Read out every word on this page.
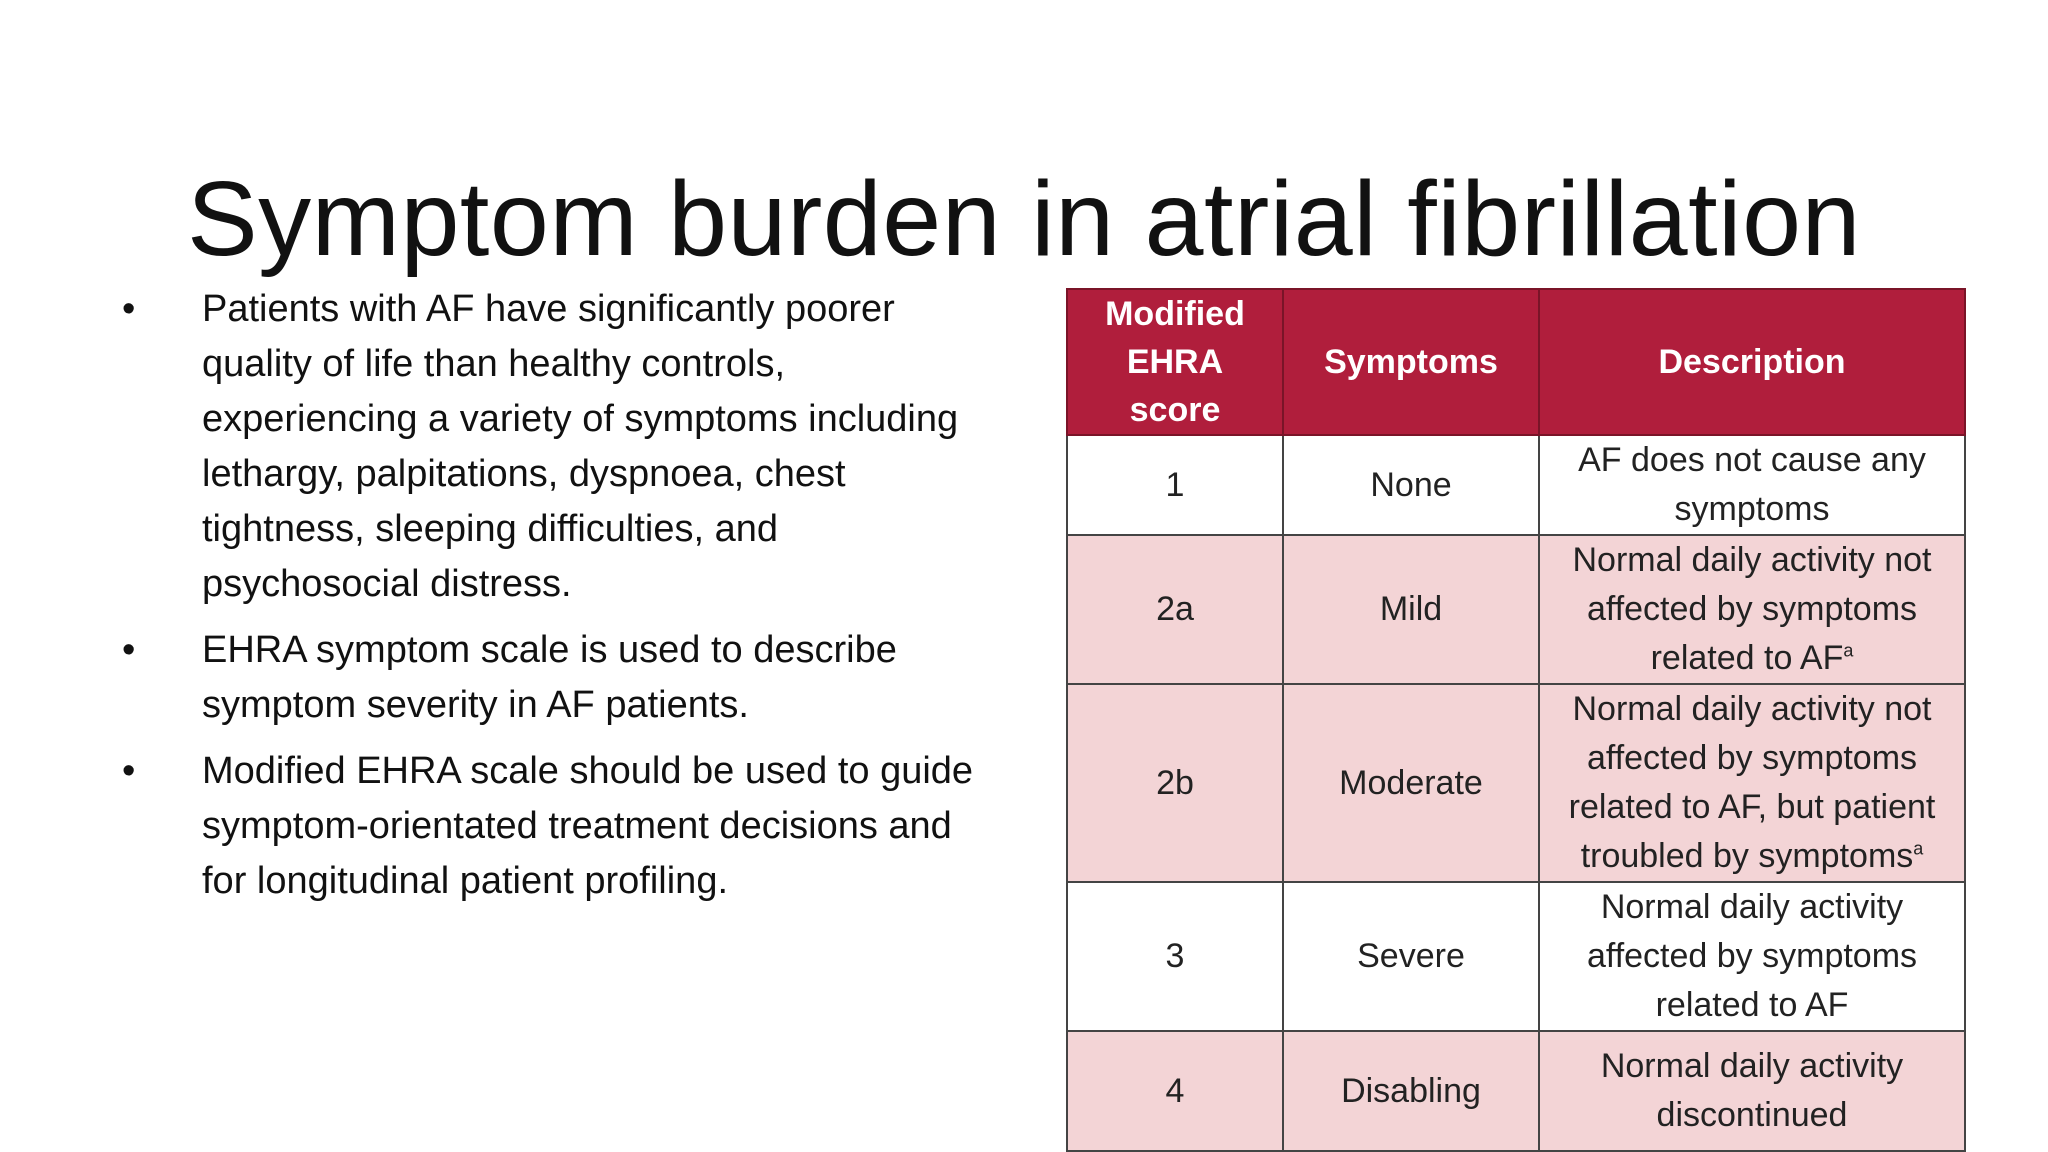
Symptom burden in atrial fibrillation
• Patients with AF have significantly poorer quality of life than healthy controls, experiencing a variety of symptoms including lethargy, palpitations, dyspnoea, chest tightness, sleeping difficulties, and psychosocial distress.
• EHRA symptom scale is used to describe symptom severity in AF patients.
• Modified EHRA scale should be used to guide symptom-orientated treatment decisions and for longitudinal patient profiling.
Modified
EHRA score	Symptoms	Description
1	None	AF does not cause any symptoms
2a	Mild	Normal daily activity not affected by symptoms related to AF$^a$
2b	Moderate	Normal daily activity not affected by symptoms related to AF, but patient troubled by symptoms$^a$
3	Severe	Normal daily activity affected by symptoms related to AF
4	Disabling	Normal daily activity discontinued
